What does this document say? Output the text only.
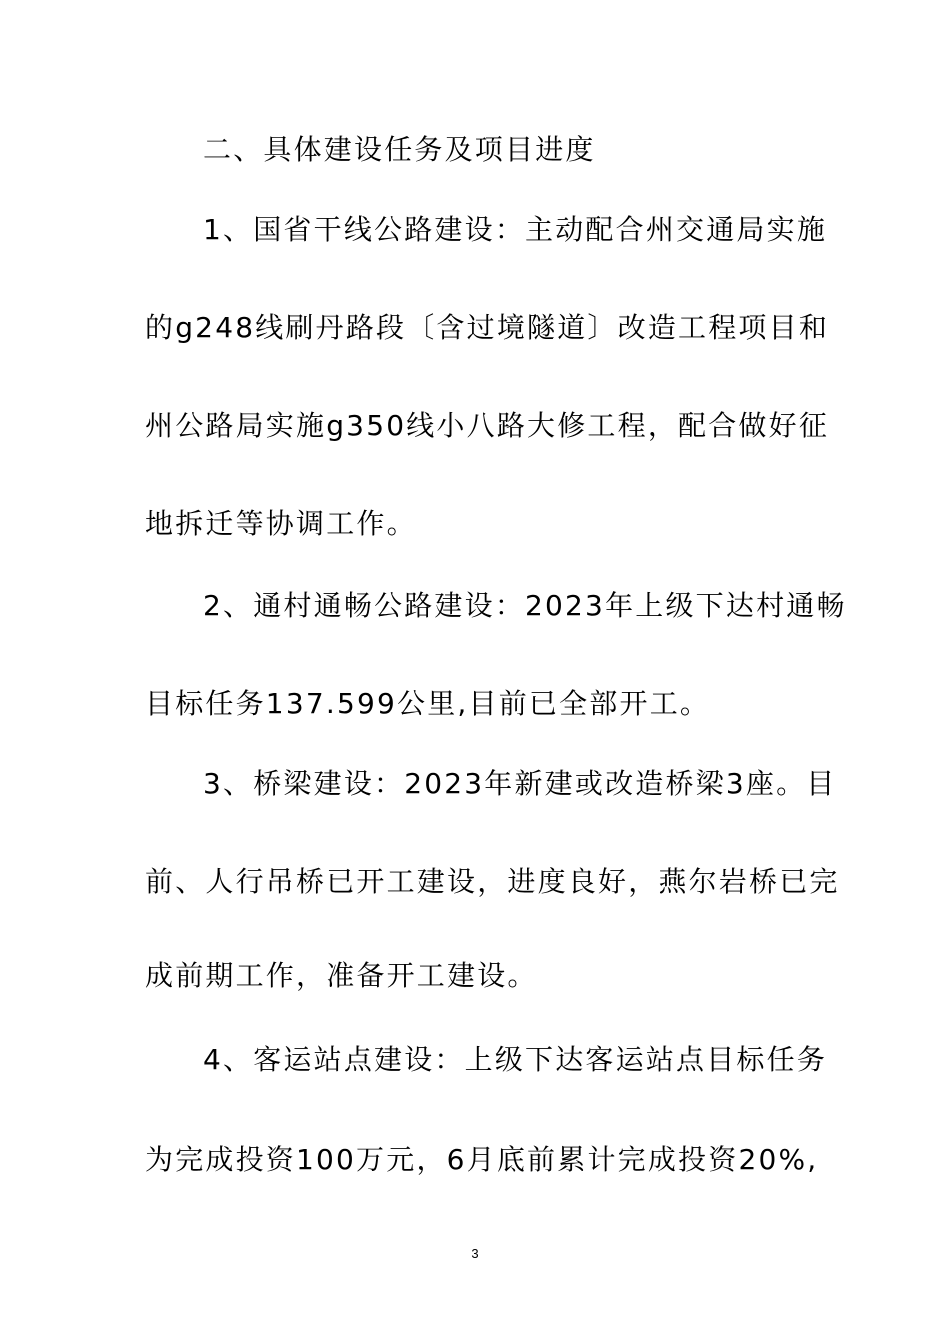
二、具体建设任务及项目进度
1、国省干线公路建设：主动配合州交通局实施
的g248线刷丹路段〔含过境隧道〕改造工程项目和
州公路局实施g350线小八路大修工程，配合做好征
地拆迁等协调工作。
2、通村通畅公路建设：2023年上级下达村通畅
目标任务137.599公里,目前已全部开工。
3、桥梁建设：2023年新建或改造桥梁3座。目
前、人行吊桥已开工建设，进度良好，燕尔岩桥已完
成前期工作，准备开工建设。
4、客运站点建设：上级下达客运站点目标任务
为完成投资100万元，6月底前累计完成投资20%,
3
